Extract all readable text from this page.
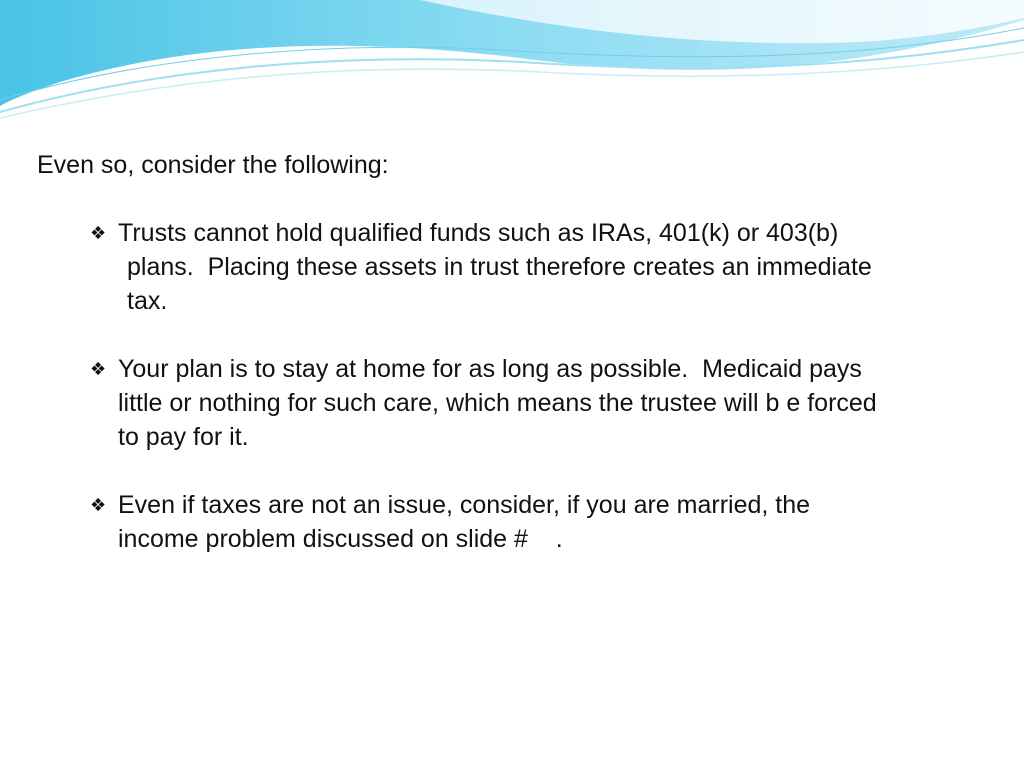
Even so, consider the following:

❖ Trusts cannot hold qualified funds such as IRAs, 401(k) or 403(b)

plans.  Placing these assets in trust therefore creates an immediate

tax.

❖ Your plan is to stay at home for as long as possible.  Medicaid pays

little or nothing for such care, which means the trustee will b e forced

to pay for it.

❖ Even if taxes are not an issue, consider, if you are married, the

income problem discussed on slide #    .
